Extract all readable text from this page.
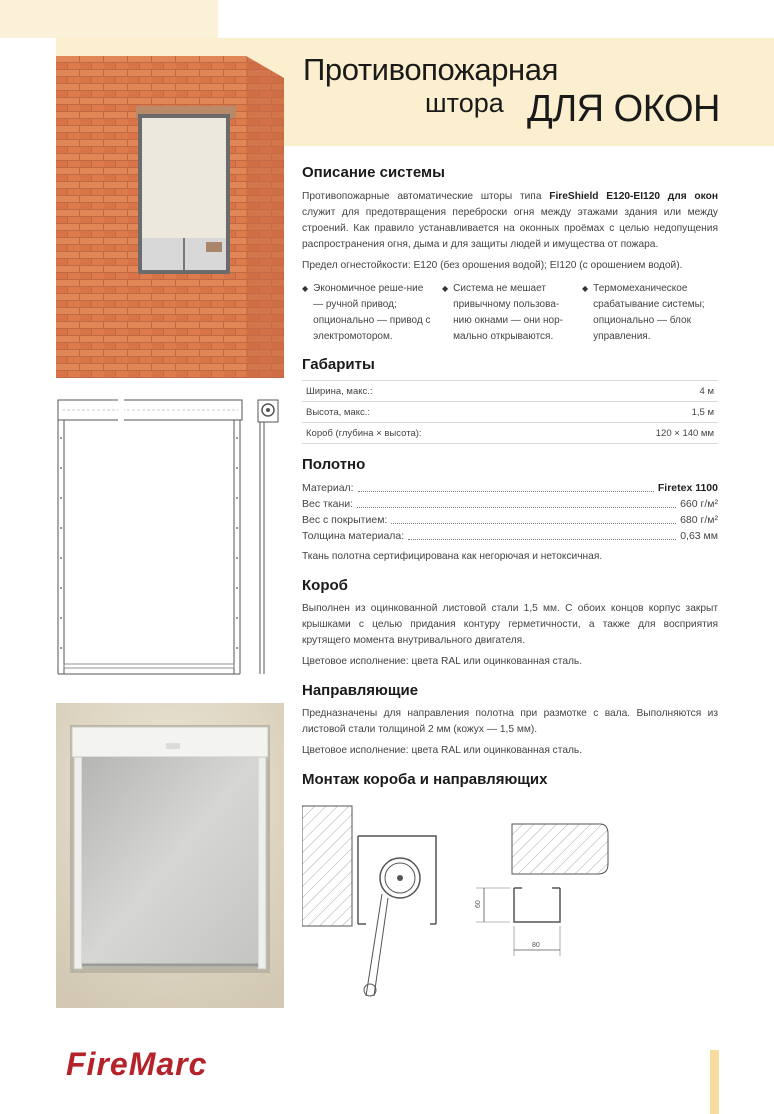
Противопожарная
штора ДЛЯ ОКОН
Описание системы
Противопожарные автоматические шторы типа FireShield E120-EI120 для окон служит для предотвращения переброски огня между этажами здания или между строений. Как правило устанавливается на оконных проёмах с целью недопущения распространения огня, дыма и для защиты людей и имущества от пожара.
Предел огнестойкости: E120 (без орошения водой); EI120 (с орошением водой).
◆ Экономичное реше-ние — ручной привод; опционально — привод с электромотором.
◆ Система не мешает привычному пользова-нию окнами — они нор-мально открываются.
◆ Термомеханическое срабатывание системы; опционально — блок управления.
Габариты
Ширина, макс.:	4 м
Высота, макс.:	1,5 м
Короб (глубина × высота):	120 × 140 мм
Полотно
Материал:	Firetex 1100
Вес ткани:	660 г/м²
Вес с покрытием:	680 г/м²
Толщина материала:	0,63 мм
Ткань полотна сертифицирована как негорючая и нетоксичная.
Короб
Выполнен из оцинкованной листовой стали 1,5 мм. С обоих концов корпус закрыт крышками с целью придания контуру герметичности, а также для восприятия крутящего момента внутривального двигателя.
Цветовое исполнение: цвета RAL или оцинкованная сталь.
Направляющие
Предназначены для направления полотна при размотке с вала. Выполняются из листовой стали толщиной 2 мм (кожух — 1,5 мм).
Цветовое исполнение: цвета RAL или оцинкованная сталь.
Монтаж короба и направляющих
60
80
FireMarc
